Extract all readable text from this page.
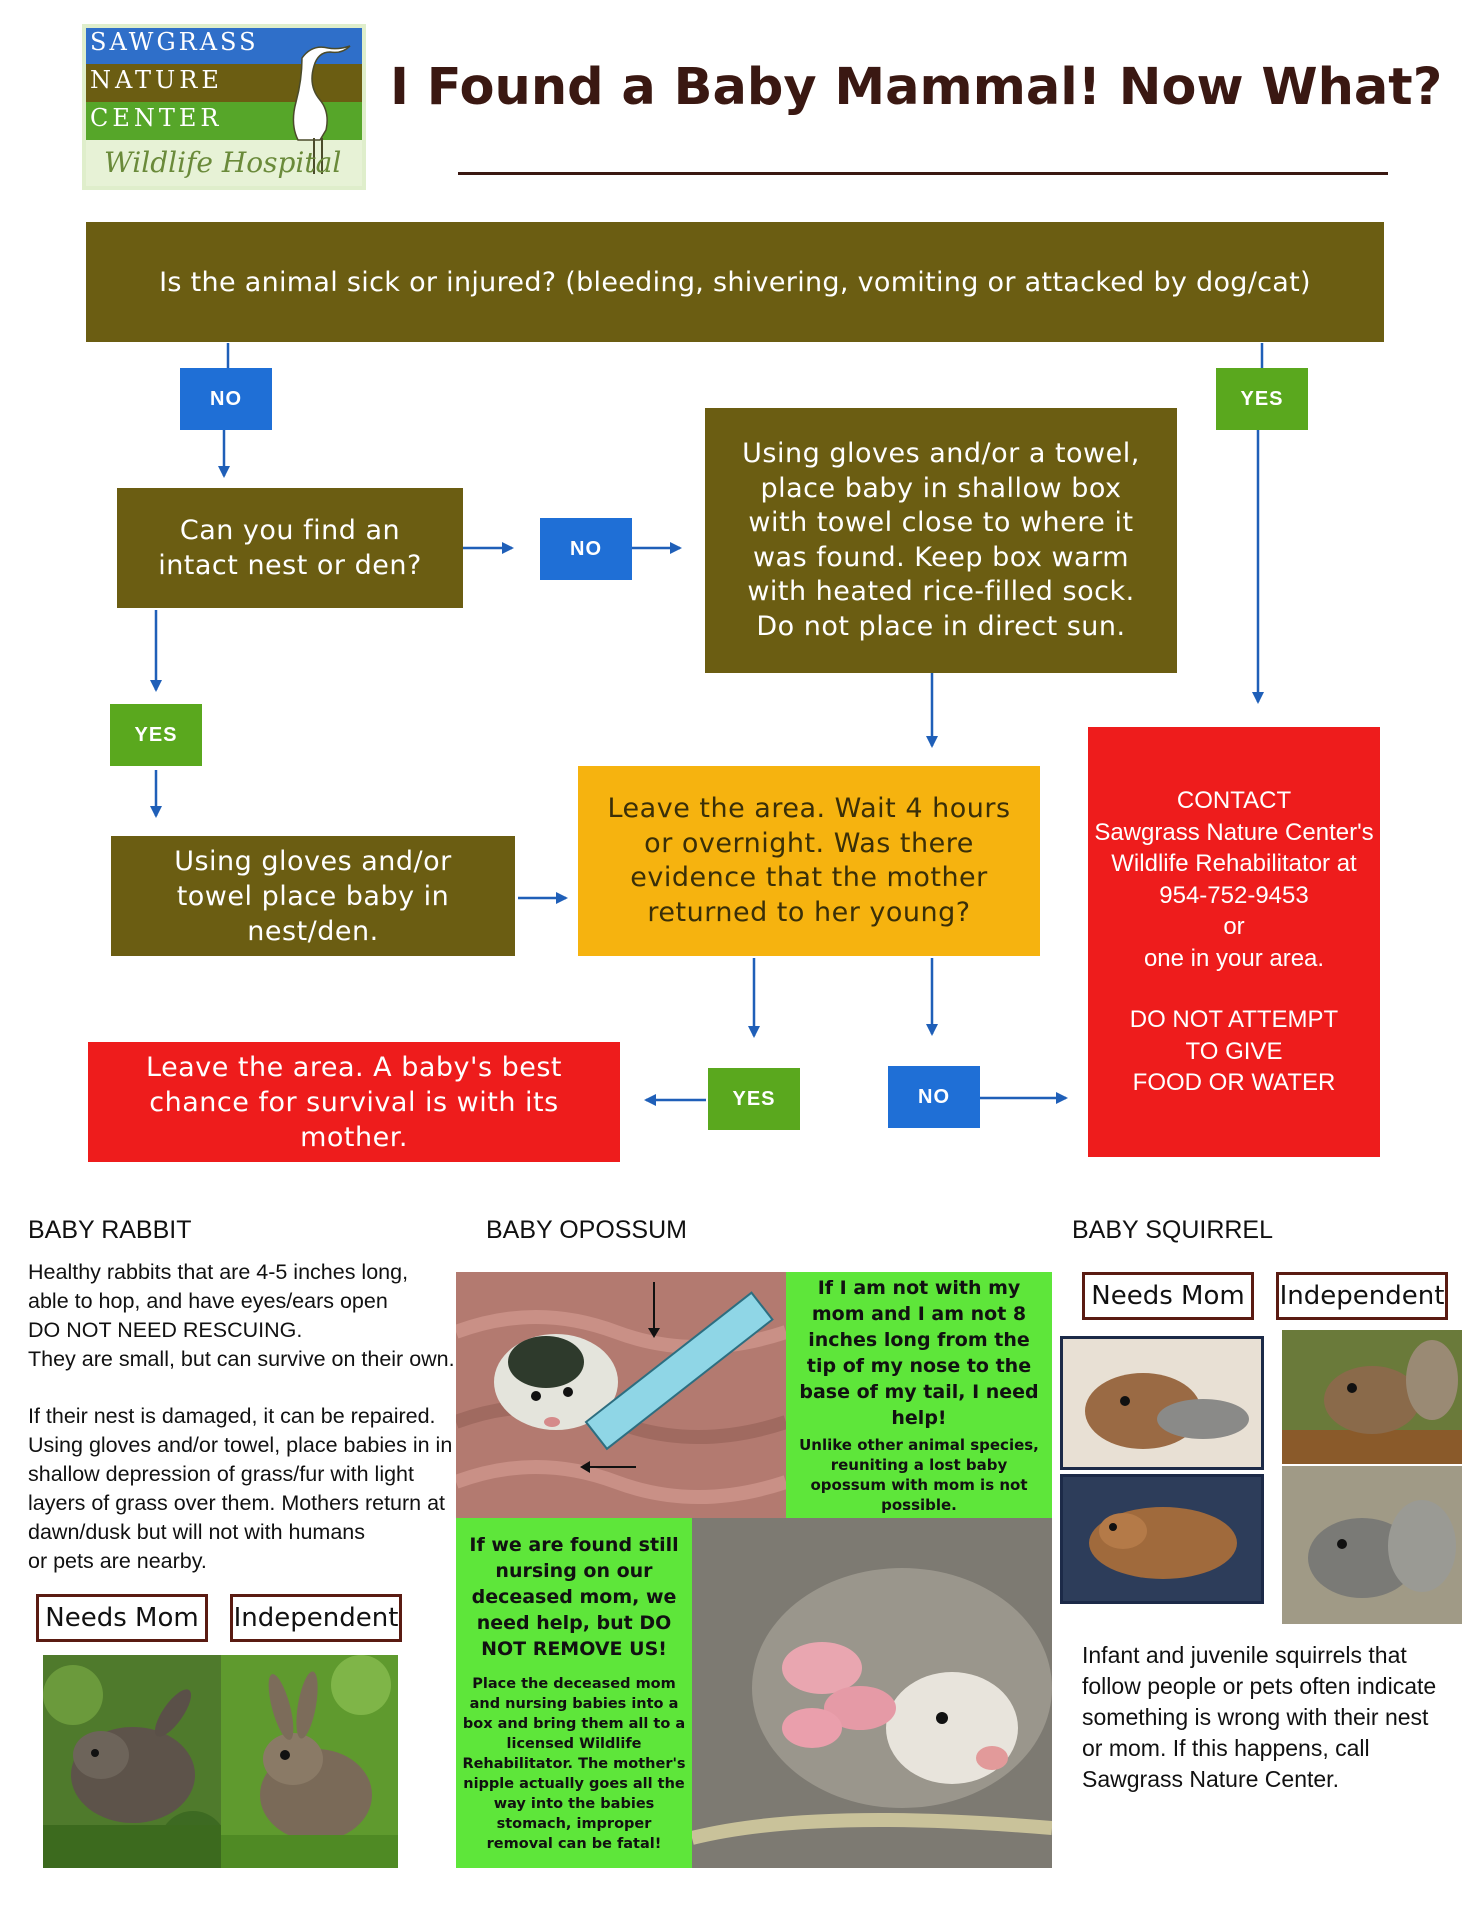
SAWGRASS
NATURE
CENTER
Wildlife Hospital
I Found a Baby Mammal! Now What?
Is the animal sick or injured? (bleeding, shivering, vomiting or attacked by dog/cat)
NO	YES
Can you find an intact nest or den?
NO
Using gloves and/or a towel, place baby in shallow box with towel close to where it was found. Keep box warm with heated rice-filled sock. Do not place in direct sun.
YES
Using gloves and/or towel place baby in nest/den.
Leave the area. Wait 4 hours or overnight. Was there evidence that the mother returned to her young?
CONTACT
Sawgrass Nature Center's
Wildlife Rehabilitator at
954-752-9453
or
one in your area.
DO NOT ATTEMPT
TO GIVE
FOOD OR WATER
Leave the area. A baby's best chance for survival is with its mother.
YES	NO
BABY RABBIT
Healthy rabbits that are 4-5 inches long,
able to hop, and have eyes/ears open
DO NOT NEED RESCUING.
They are small, but can survive on their own.
If their nest is damaged, it can be repaired.
Using gloves and/or towel, place babies in in
shallow depression of grass/fur with light
layers of grass over them. Mothers return at
dawn/dusk but will not with humans
or pets are nearby.
Needs Mom	Independent
BABY OPOSSUM
If I am not with my mom and I am not 8 inches long from the tip of my nose to the base of my tail, I need help!
Unlike other animal species, reuniting a lost baby opossum with mom is not possible.
If we are found still nursing on our deceased mom, we need help, but DO NOT REMOVE US!
Place the deceased mom and nursing babies into a box and bring them all to a licensed Wildlife Rehabilitator. The mother's nipple actually goes all the way into the babies stomach, improper removal can be fatal!
BABY SQUIRREL
Needs Mom	Independent
Infant and juvenile squirrels that
follow people or pets often indicate
something is wrong with their nest
or mom. If this happens, call
Sawgrass Nature Center.
